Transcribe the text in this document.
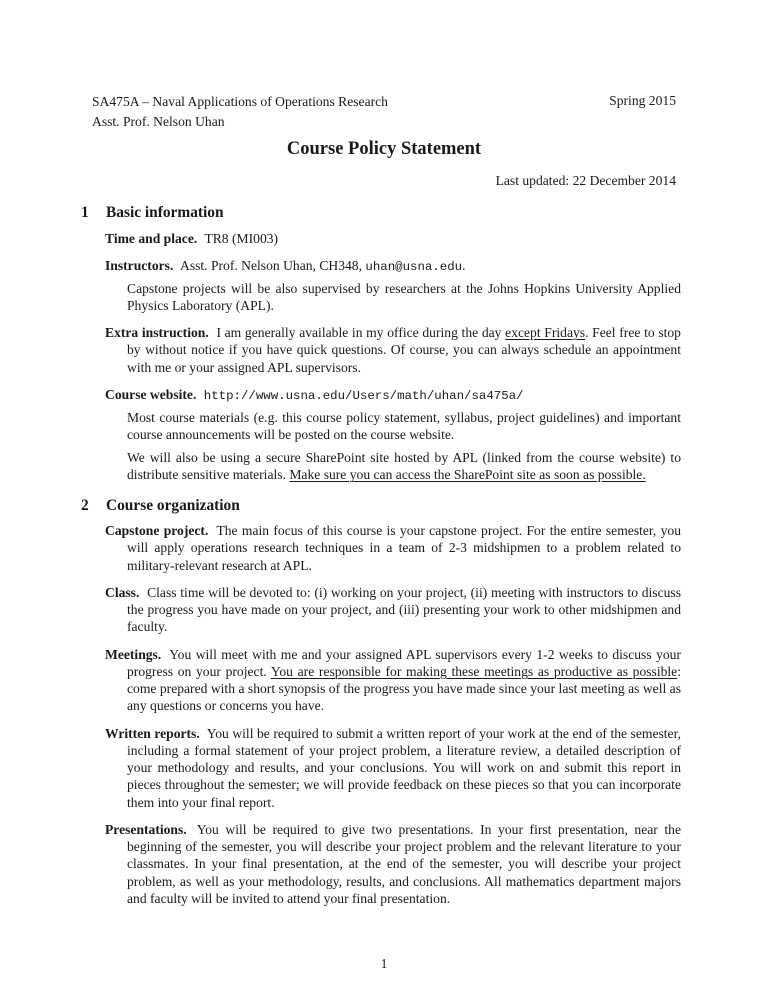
SA475A – Naval Applications of Operations Research
Asst. Prof. Nelson Uhan
Spring 2015
Course Policy Statement
Last updated: 22 December 2014
1	Basic information
Time and place. TR8 (MI003)
Instructors. Asst. Prof. Nelson Uhan, CH348, uhan@usna.edu.
Capstone projects will be also supervised by researchers at the Johns Hopkins University Applied Physics Laboratory (APL).
Extra instruction. I am generally available in my office during the day except Fridays. Feel free to stop by without notice if you have quick questions. Of course, you can always schedule an appointment with me or your assigned APL supervisors.
Course website. http://www.usna.edu/Users/math/uhan/sa475a/
Most course materials (e.g. this course policy statement, syllabus, project guidelines) and important course announcements will be posted on the course website.
We will also be using a secure SharePoint site hosted by APL (linked from the course website) to distribute sensitive materials. Make sure you can access the SharePoint site as soon as possible.
2	Course organization
Capstone project. The main focus of this course is your capstone project. For the entire semester, you will apply operations research techniques in a team of 2-3 midshipmen to a problem related to military-relevant research at APL.
Class. Class time will be devoted to: (i) working on your project, (ii) meeting with instructors to discuss the progress you have made on your project, and (iii) presenting your work to other midshipmen and faculty.
Meetings. You will meet with me and your assigned APL supervisors every 1-2 weeks to discuss your progress on your project. You are responsible for making these meetings as productive as possible: come prepared with a short synopsis of the progress you have made since your last meeting as well as any questions or concerns you have.
Written reports. You will be required to submit a written report of your work at the end of the semester, including a formal statement of your project problem, a literature review, a detailed description of your methodology and results, and your conclusions. You will work on and submit this report in pieces throughout the semester; we will provide feedback on these pieces so that you can incorporate them into your final report.
Presentations. You will be required to give two presentations. In your first presentation, near the beginning of the semester, you will describe your project problem and the relevant literature to your classmates. In your final presentation, at the end of the semester, you will describe your project problem, as well as your methodology, results, and conclusions. All mathematics department majors and faculty will be invited to attend your final presentation.
1
